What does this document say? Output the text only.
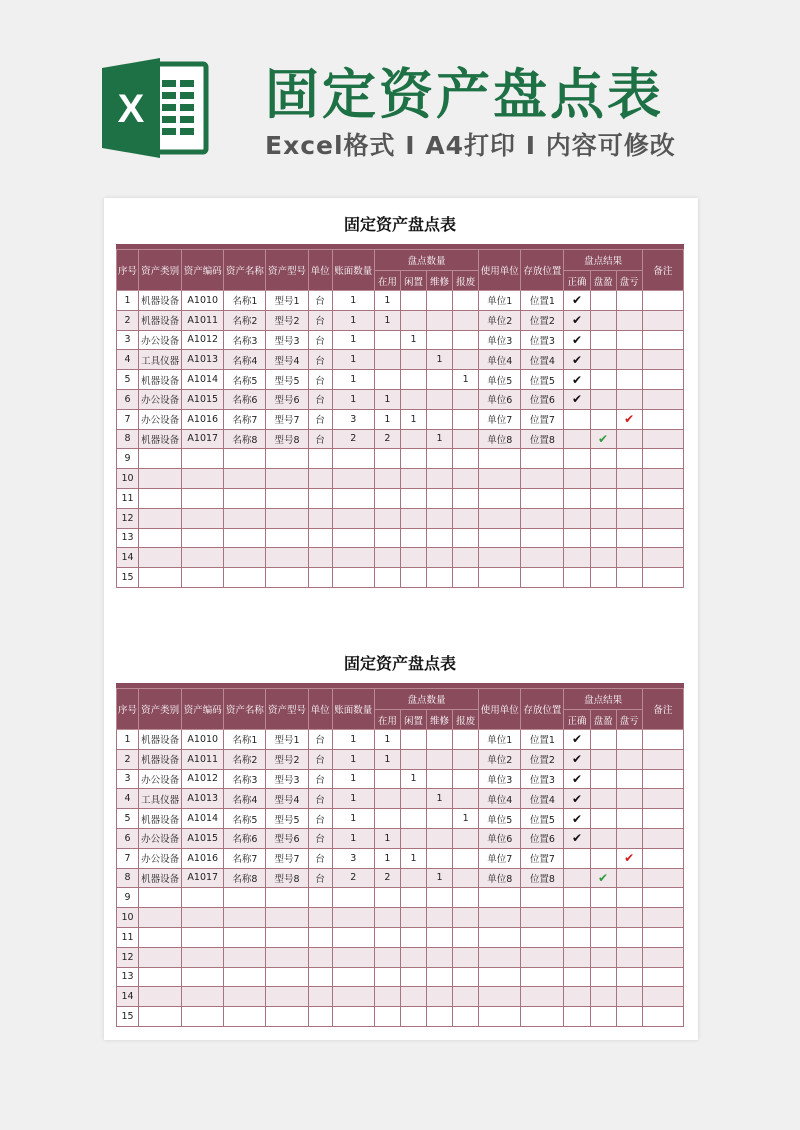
X 固定资产盘点表
Excel格式 I A4打印 I 内容可修改
固定资产盘点表
序号	资产类别	资产编码	资产名称	资产型号	单位	账面数量	盘点数量				使用单位	存放位置	盘点结果			备注
							在用	闲置	维修	报废			正确	盘盈	盘亏	
1	机器设备	A1010	名称1	型号1	台	1	1				单位1	位置1	✔			
2	机器设备	A1011	名称2	型号2	台	1	1				单位2	位置2	✔			
3	办公设备	A1012	名称3	型号3	台	1		1			单位3	位置3	✔			
4	工具仪器	A1013	名称4	型号4	台	1			1		单位4	位置4	✔			
5	机器设备	A1014	名称5	型号5	台	1				1	单位5	位置5	✔			
6	办公设备	A1015	名称6	型号6	台	1	1				单位6	位置6	✔			
7	办公设备	A1016	名称7	型号7	台	3	1	1			单位7	位置7			✔	
8	机器设备	A1017	名称8	型号8	台	2	2		1		单位8	位置8		✔		
9																
10																
11																
12																
13																
14																
15																
固定资产盘点表
序号	资产类别	资产编码	资产名称	资产型号	单位	账面数量	盘点数量				使用单位	存放位置	盘点结果			备注
							在用	闲置	维修	报废			正确	盘盈	盘亏	
1	机器设备	A1010	名称1	型号1	台	1	1				单位1	位置1	✔			
2	机器设备	A1011	名称2	型号2	台	1	1				单位2	位置2	✔			
3	办公设备	A1012	名称3	型号3	台	1		1			单位3	位置3	✔			
4	工具仪器	A1013	名称4	型号4	台	1			1		单位4	位置4	✔			
5	机器设备	A1014	名称5	型号5	台	1				1	单位5	位置5	✔			
6	办公设备	A1015	名称6	型号6	台	1	1				单位6	位置6	✔			
7	办公设备	A1016	名称7	型号7	台	3	1	1			单位7	位置7			✔	
8	机器设备	A1017	名称8	型号8	台	2	2		1		单位8	位置8		✔		
9																
10																
11																
12																
13																
14																
15																
